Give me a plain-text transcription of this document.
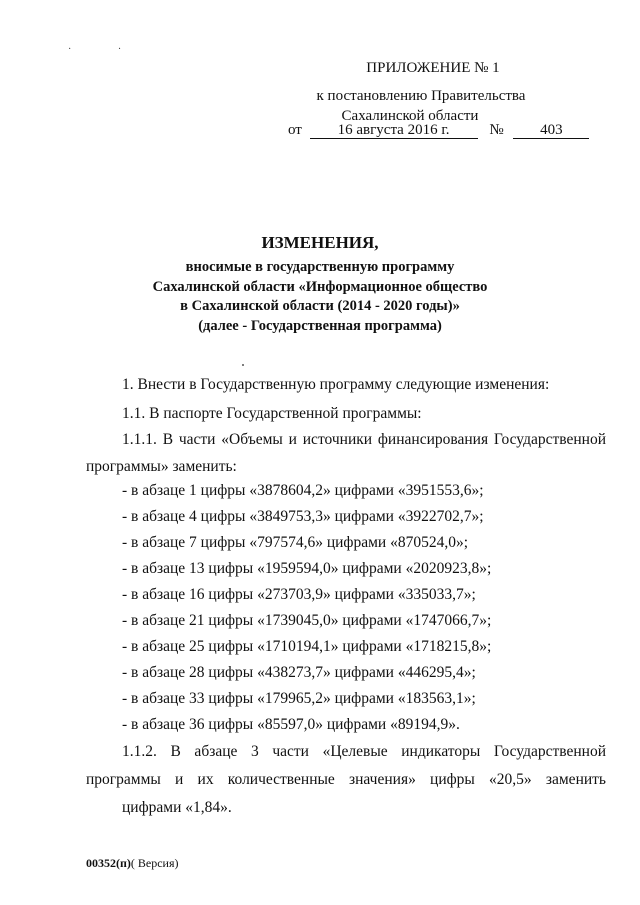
· ·
ПРИЛОЖЕНИЕ № 1
к постановлению Правительства
Сахалинской области
от 16 августа 2016 г.	№ 403
ИЗМЕНЕНИЯ,
вносимые в государственную программу
Сахалинской области «Информационное общество
в Сахалинской области (2014 - 2020 годы)»
(далее - Государственная программа)
1. Внести в Государственную программу следующие изменения:
1.1. В паспорте Государственной программы:
1.1.1. В части «Объемы и источники финансирования Государственной
программы» заменить:
- в абзаце 1 цифры «3878604,2» цифрами «3951553,6»;
- в абзаце 4 цифры «3849753,3» цифрами «3922702,7»;
- в абзаце 7 цифры «797574,6» цифрами «870524,0»;
- в абзаце 13 цифры «1959594,0» цифрами «2020923,8»;
- в абзаце 16 цифры «273703,9» цифрами «335033,7»;
- в абзаце 21 цифры «1739045,0» цифрами «1747066,7»;
- в абзаце 25 цифры «1710194,1» цифрами «1718215,8»;
- в абзаце 28 цифры «438273,7» цифрами «446295,4»;
- в абзаце 33 цифры «179965,2» цифрами «183563,1»;
- в абзаце 36 цифры «85597,0» цифрами «89194,9».
1.1.2. В абзаце 3 части «Целевые индикаторы Государственной
программы и их количественные значения» цифры «20,5» заменить
цифрами «1,84».
00352(п)( Версия)
